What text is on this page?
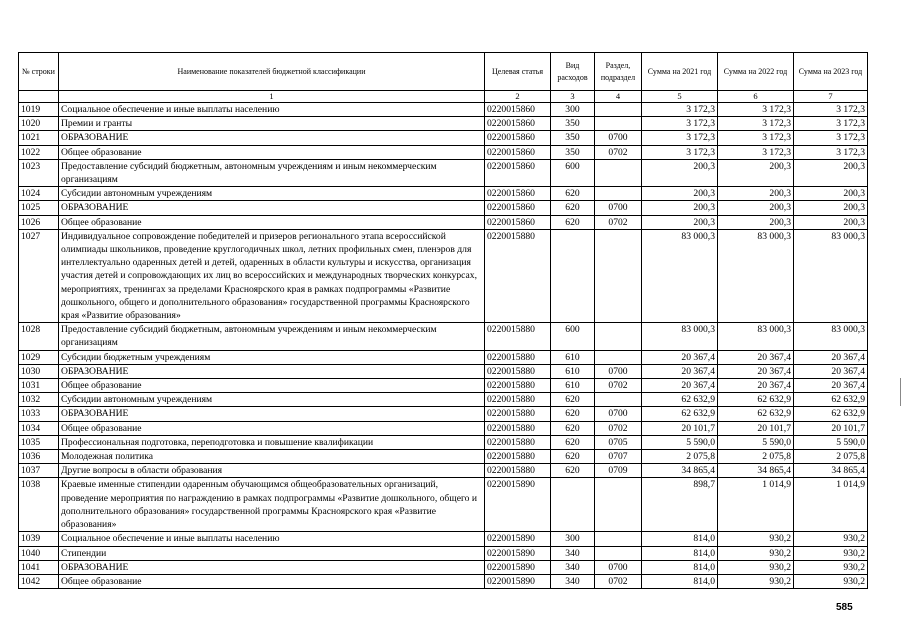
№ строки	Наименование показателей бюджетной классификации	Целевая статья	Вид расходов	Раздел, подраздел	Сумма на 2021 год	Сумма на 2022 год	Сумма на 2023 год
	1	2	3	4	5	6	7
1019	Социальное обеспечение и иные выплаты населению	0220015860	300		3 172,3	3 172,3	3 172,3
1020	Премии и гранты	0220015860	350		3 172,3	3 172,3	3 172,3
1021	ОБРАЗОВАНИЕ	0220015860	350	0700	3 172,3	3 172,3	3 172,3
1022	Общее образование	0220015860	350	0702	3 172,3	3 172,3	3 172,3
1023	Предоставление субсидий бюджетным, автономным учреждениям и иным некоммерческим организациям	0220015860	600		200,3	200,3	200,3
1024	Субсидии автономным учреждениям	0220015860	620		200,3	200,3	200,3
1025	ОБРАЗОВАНИЕ	0220015860	620	0700	200,3	200,3	200,3
1026	Общее образование	0220015860	620	0702	200,3	200,3	200,3
1027	Индивидуальное сопровождение победителей и призеров регионального этапа всероссийской олимпиады школьников, проведение круглогодичных школ, летних профильных смен, пленэров для интеллектуально одаренных детей и детей, одаренных в области культуры и искусства, организация участия детей и сопровождающих их лиц во всероссийских и международных творческих конкурсах, мероприятиях, тренингах за пределами Красноярского края в рамках подпрограммы «Развитие дошкольного, общего и дополнительного образования» государственной программы Красноярского края «Развитие образования»	0220015880			83 000,3	83 000,3	83 000,3
1028	Предоставление субсидий бюджетным, автономным учреждениям и иным некоммерческим организациям	0220015880	600		83 000,3	83 000,3	83 000,3
1029	Субсидии бюджетным учреждениям	0220015880	610		20 367,4	20 367,4	20 367,4
1030	ОБРАЗОВАНИЕ	0220015880	610	0700	20 367,4	20 367,4	20 367,4
1031	Общее образование	0220015880	610	0702	20 367,4	20 367,4	20 367,4
1032	Субсидии автономным учреждениям	0220015880	620		62 632,9	62 632,9	62 632,9
1033	ОБРАЗОВАНИЕ	0220015880	620	0700	62 632,9	62 632,9	62 632,9
1034	Общее образование	0220015880	620	0702	20 101,7	20 101,7	20 101,7
1035	Профессиональная подготовка, переподготовка и повышение квалификации	0220015880	620	0705	5 590,0	5 590,0	5 590,0
1036	Молодежная политика	0220015880	620	0707	2 075,8	2 075,8	2 075,8
1037	Другие вопросы в области образования	0220015880	620	0709	34 865,4	34 865,4	34 865,4
1038	Краевые именные стипендии одаренным обучающимся общеобразовательных организаций, проведение мероприятия по награждению в рамках подпрограммы «Развитие дошкольного, общего и дополнительного образования» государственной программы Красноярского края «Развитие образования»	0220015890			898,7	1 014,9	1 014,9
1039	Социальное обеспечение и иные выплаты населению	0220015890	300		814,0	930,2	930,2
1040	Стипендии	0220015890	340		814,0	930,2	930,2
1041	ОБРАЗОВАНИЕ	0220015890	340	0700	814,0	930,2	930,2
1042	Общее образование	0220015890	340	0702	814,0	930,2	930,2
585
